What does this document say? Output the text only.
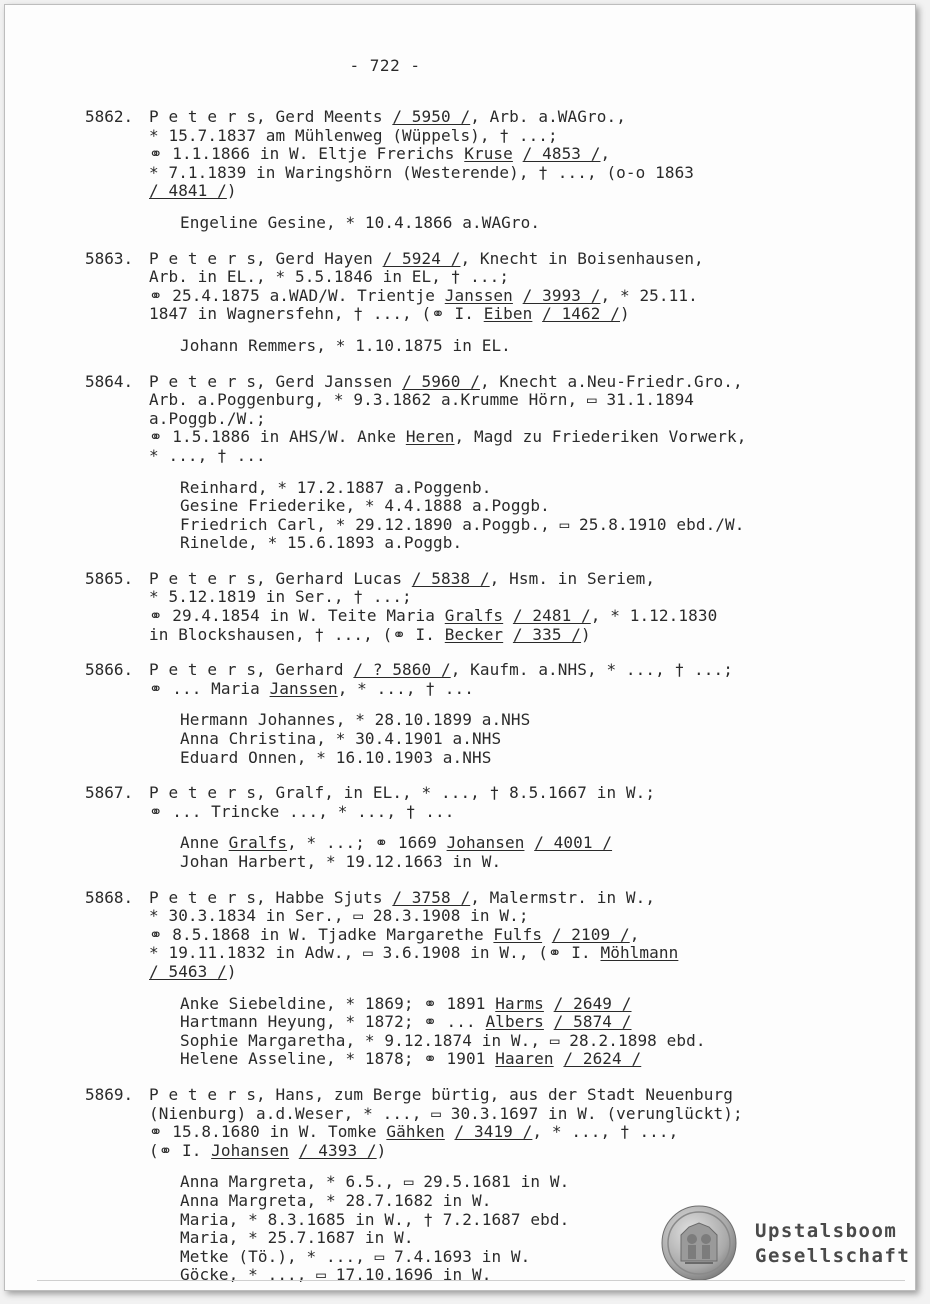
- 722 -
5862. P e t e r s, Gerd Meents / 5950 /, Arb. a.WAGro.,
* 15.7.1837 am Mühlenweg (Wüppels), † ...;
⚭ 1.1.1866 in W. Eltje Frerichs Kruse / 4853 /,
* 7.1.1839 in Waringshörn (Westerende), † ..., (o-o 1863
/ 4841 /)
Engeline Gesine, * 10.4.1866 a.WAGro.
5863. P e t e r s, Gerd Hayen / 5924 /, Knecht in Boisenhausen,
Arb. in EL., * 5.5.1846 in EL, † ...;
⚭ 25.4.1875 a.WAD/W. Trientje Janssen / 3993 /, * 25.11.
1847 in Wagnersfehn, † ..., (⚭ I. Eiben / 1462 /)
Johann Remmers, * 1.10.1875 in EL.
5864. P e t e r s, Gerd Janssen / 5960 /, Knecht a.Neu-Friedr.Gro.,
Arb. a.Poggenburg, * 9.3.1862 a.Krumme Hörn, ▭ 31.1.1894
a.Poggb./W.;
⚭ 1.5.1886 in AHS/W. Anke Heren, Magd zu Friederiken Vorwerk,
* ..., † ...
Reinhard, * 17.2.1887 a.Poggenb.
Gesine Friederike, * 4.4.1888 a.Poggb.
Friedrich Carl, * 29.12.1890 a.Poggb., ▭ 25.8.1910 ebd./W.
Rinelde, * 15.6.1893 a.Poggb.
5865. P e t e r s, Gerhard Lucas / 5838 /, Hsm. in Seriem,
* 5.12.1819 in Ser., † ...;
⚭ 29.4.1854 in W. Teite Maria Gralfs / 2481 /, * 1.12.1830
in Blockshausen, † ..., (⚭ I. Becker / 335 /)
5866. P e t e r s, Gerhard / ? 5860 /, Kaufm. a.NHS, * ..., † ...;
⚭ ... Maria Janssen, * ..., † ...
Hermann Johannes, * 28.10.1899 a.NHS
Anna Christina, * 30.4.1901 a.NHS
Eduard Onnen, * 16.10.1903 a.NHS
5867. P e t e r s, Gralf, in EL., * ..., † 8.5.1667 in W.;
⚭ ... Trincke ..., * ..., † ...
Anne Gralfs, * ...; ⚭ 1669 Johansen / 4001 /
Johan Harbert, * 19.12.1663 in W.
5868. P e t e r s, Habbe Sjuts / 3758 /, Malermstr. in W.,
* 30.3.1834 in Ser., ▭ 28.3.1908 in W.;
⚭ 8.5.1868 in W. Tjadke Margarethe Fulfs / 2109 /,
* 19.11.1832 in Adw., ▭ 3.6.1908 in W., (⚭ I. Möhlmann
/ 5463 /)
Anke Siebeldine, * 1869; ⚭ 1891 Harms / 2649 /
Hartmann Heyung, * 1872; ⚭ ... Albers / 5874 /
Sophie Margaretha, * 9.12.1874 in W., ▭ 28.2.1898 ebd.
Helene Asseline, * 1878; ⚭ 1901 Haaren / 2624 /
5869. P e t e r s, Hans, zum Berge bürtig, aus der Stadt Neuenburg
(Nienburg) a.d.Weser, * ..., ▭ 30.3.1697 in W. (verunglückt);
⚭ 15.8.1680 in W. Tomke Gähken / 3419 /, * ..., † ...,
(⚭ I. Johansen / 4393 /)
Anna Margreta, * 6.5., ▭ 29.5.1681 in W.
Anna Margreta, * 28.7.1682 in W.
Maria, * 8.3.1685 in W., † 7.2.1687 ebd.
Maria, * 25.7.1687 in W.
Metke (Tö.), * ..., ▭ 7.4.1693 in W.
Göcke, * ..., ▭ 17.10.1696 in W.
Upstalsboom
Gesellschaft
